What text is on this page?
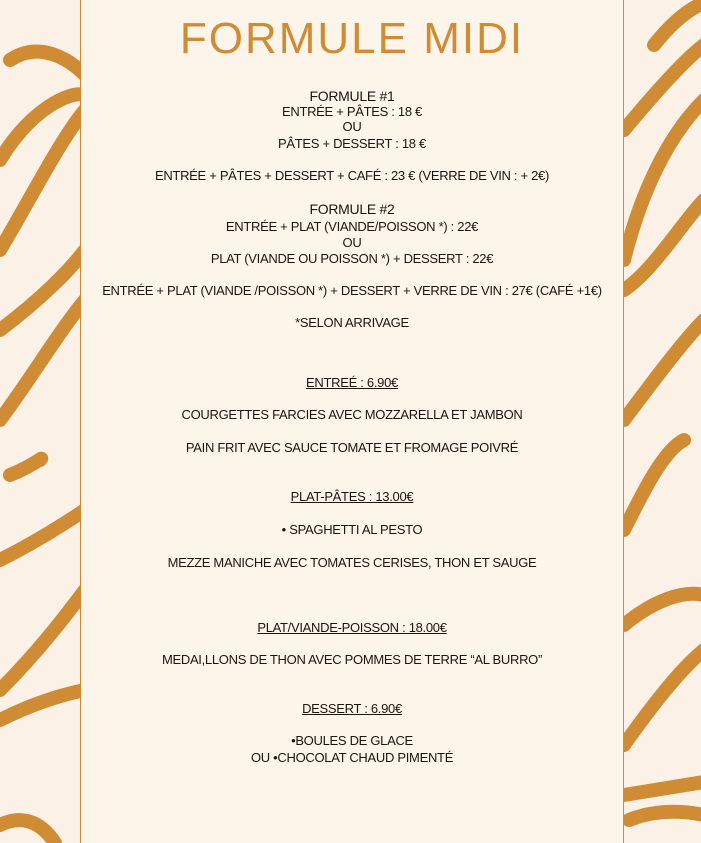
FORMULE MIDI
FORMULE #1
ENTRÉE + PÂTES : 18 €
OU
PÂTES + DESSERT : 18 €
ENTRÉE + PÂTES + DESSERT + CAFÉ : 23 € (VERRE DE VIN : + 2€)
FORMULE #2
ENTRÉE + PLAT (VIANDE/POISSON *) : 22€
OU
PLAT (VIANDE OU POISSON *) + DESSERT : 22€
ENTRÉE + PLAT (VIANDE /POISSON *) + DESSERT + VERRE DE VIN : 27€ (CAFÉ +1€)
*SELON ARRIVAGE
ENTREÉ : 6.90€
COURGETTES FARCIES AVEC MOZZARELLA ET JAMBON
PAIN FRIT AVEC SAUCE TOMATE ET FROMAGE POIVRÉ
PLAT-PÂTES : 13.00€
• SPAGHETTI AL PESTO
MEZZE MANICHE AVEC TOMATES CERISES, THON ET SAUGE
PLAT/VIANDE-POISSON : 18.00€
MEDAI,LLONS DE THON AVEC POMMES DE TERRE “AL BURRO”
DESSERT : 6.90€
•BOULES DE GLACE
OU •CHOCOLAT CHAUD PIMENTÉ
